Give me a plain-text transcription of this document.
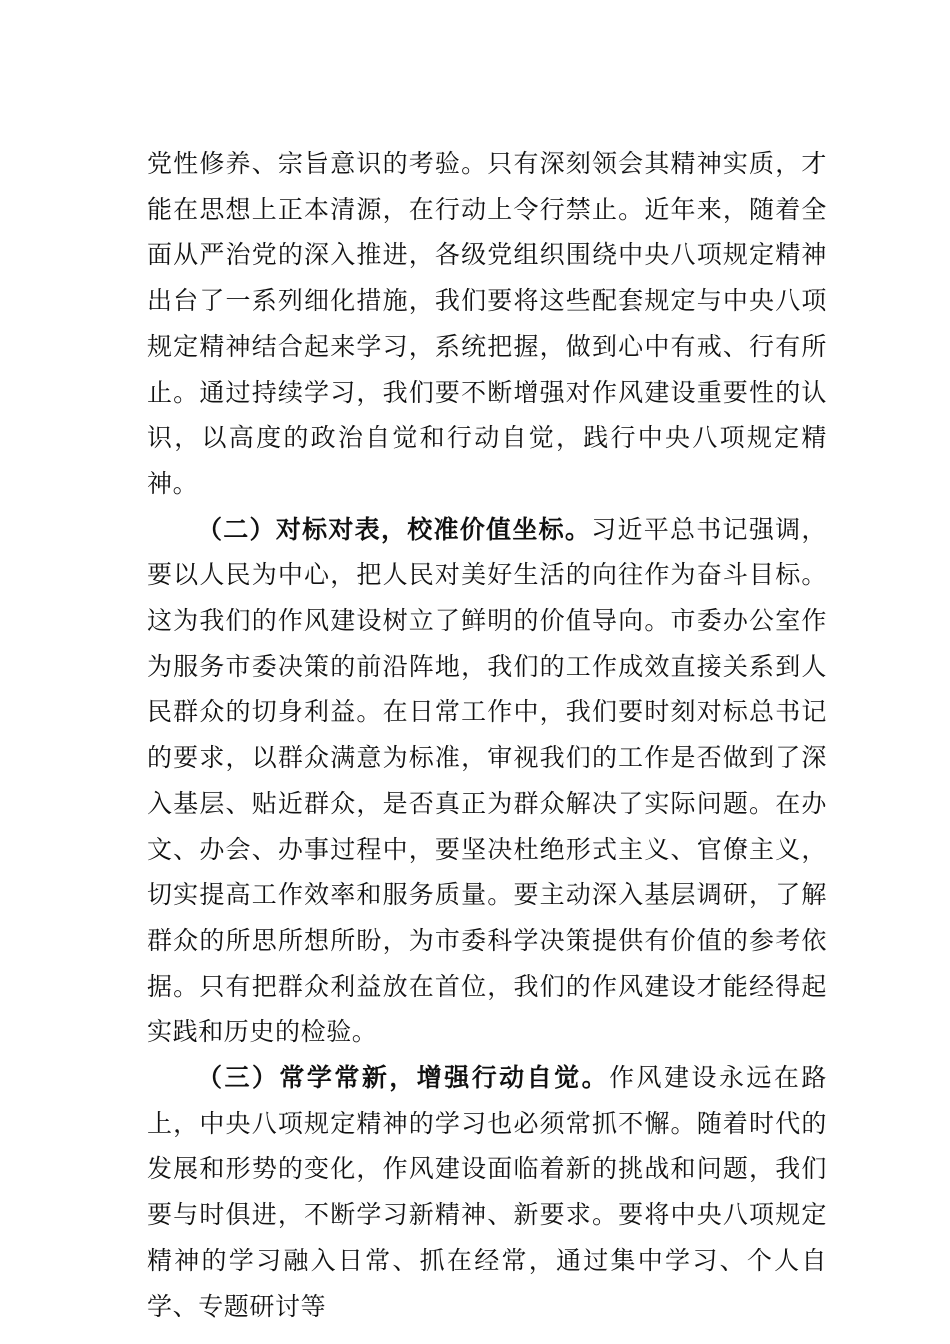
党性修养、宗旨意识的考验。只有深刻领会其精神实质，才能在思想上正本清源，在行动上令行禁止。近年来，随着全面从严治党的深入推进，各级党组织围绕中央八项规定精神出台了一系列细化措施，我们要将这些配套规定与中央八项规定精神结合起来学习，系统把握，做到心中有戒、行有所止。通过持续学习，我们要不断增强对作风建设重要性的认识，以高度的政治自觉和行动自觉，践行中央八项规定精神。

（二）对标对表，校准价值坐标。习近平总书记强调，要以人民为中心，把人民对美好生活的向往作为奋斗目标。这为我们的作风建设树立了鲜明的价值导向。市委办公室作为服务市委决策的前沿阵地，我们的工作成效直接关系到人民群众的切身利益。在日常工作中，我们要时刻对标总书记的要求，以群众满意为标准，审视我们的工作是否做到了深入基层、贴近群众，是否真正为群众解决了实际问题。在办文、办会、办事过程中，要坚决杜绝形式主义、官僚主义，切实提高工作效率和服务质量。要主动深入基层调研，了解群众的所思所想所盼，为市委科学决策提供有价值的参考依据。只有把群众利益放在首位，我们的作风建设才能经得起实践和历史的检验。

（三）常学常新，增强行动自觉。作风建设永远在路上，中央八项规定精神的学习也必须常抓不懈。随着时代的发展和形势的变化，作风建设面临着新的挑战和问题，我们要与时俱进，不断学习新精神、新要求。要将中央八项规定精神的学习融入日常、抓在经常，通过集中学习、个人自学、专题研讨等
